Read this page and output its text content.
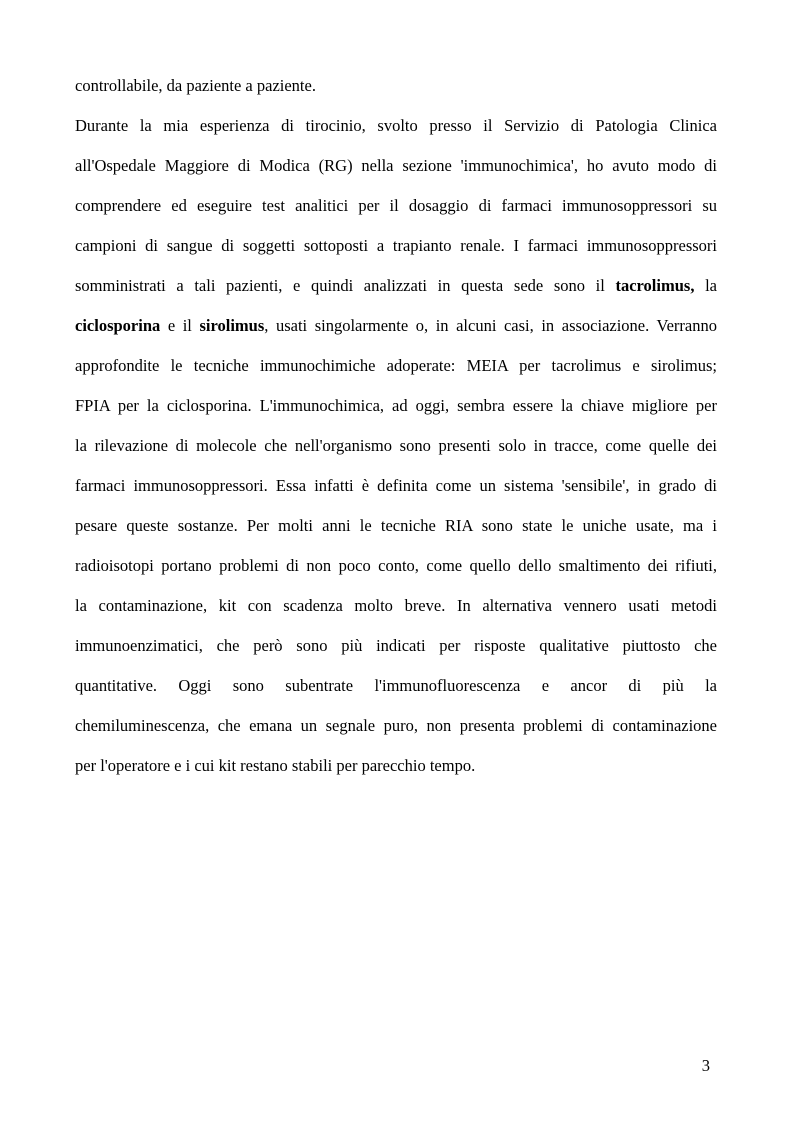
controllabile, da paziente a paziente.
Durante la mia esperienza di tirocinio, svolto presso il Servizio di Patologia Clinica
all'Ospedale Maggiore di Modica (RG) nella sezione 'immunochimica', ho avuto modo di
comprendere ed eseguire test analitici per il dosaggio di farmaci immunosoppressori su
campioni di sangue di soggetti sottoposti a trapianto renale. I farmaci immunosoppressori
somministrati a tali pazienti, e quindi analizzati in questa sede sono il tacrolimus, la
ciclosporina e il sirolimus, usati singolarmente o, in alcuni casi, in associazione. Verranno
approfondite le tecniche immunochimiche adoperate: MEIA per tacrolimus e sirolimus;
FPIA per la ciclosporina. L'immunochimica, ad oggi, sembra essere la chiave migliore per
la rilevazione di molecole che nell'organismo sono presenti solo in tracce, come quelle dei
farmaci immunosoppressori. Essa infatti è definita come un sistema 'sensibile', in grado di
pesare queste sostanze. Per molti anni le tecniche RIA sono state le uniche usate, ma i
radioisotopi portano problemi di non poco conto, come quello dello smaltimento dei rifiuti,
la contaminazione, kit con scadenza molto breve. In alternativa vennero usati metodi
immunoenzimatici, che però sono più indicati per risposte qualitative piuttosto che
quantitative. Oggi sono subentrate l'immunofluorescenza e ancor di più la
chemiluminescenza, che emana un segnale puro, non presenta problemi di contaminazione
per l'operatore e i cui kit restano stabili per parecchio tempo.
3
